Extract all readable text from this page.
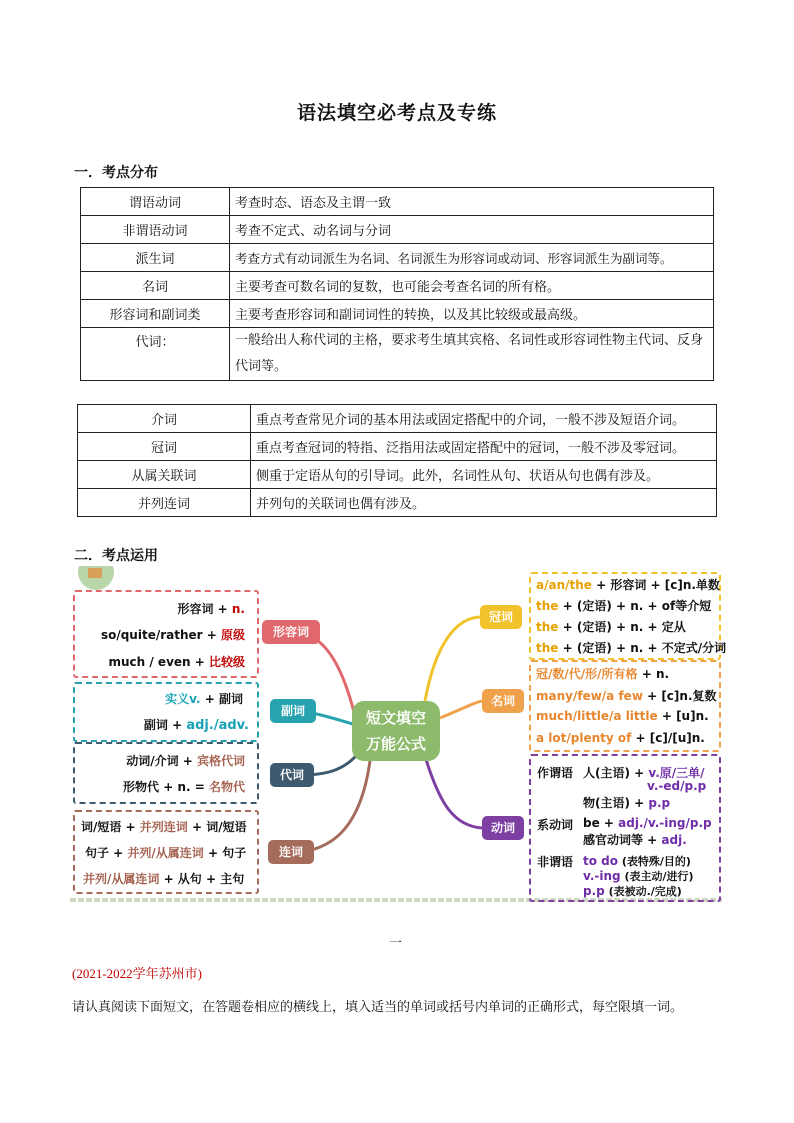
语法填空必考点及专练
一．考点分布
谓语动词	考查时态、语态及主谓一致
非谓语动词	考查不定式、动名词与分词
派生词	考查方式有动词派生为名词、名词派生为形容词或动词、形容词派生为副词等。
名词	主要考查可数名词的复数，也可能会考查名词的所有格。
形容词和副词类	主要考查形容词和副词词性的转换，以及其比较级或最高级。
代词：	一般给出人称代词的主格，要求考生填其宾格、名词性或形容词性物主代词、反身代词等。
介词	重点考查常见介词的基本用法或固定搭配中的介词，一般不涉及短语介词。
冠词	重点考查冠词的特指、泛指用法或固定搭配中的冠词，一般不涉及零冠词。
从属关联词	侧重于定语从句的引导词。此外，名词性从句、状语从句也偶有涉及。
并列连词	并列句的关联词也偶有涉及。
二．考点运用
短文填空
万能公式
形容词
副词
代词
连词
冠词
名词
动词
形容词 + n.
so/quite/rather + 原级
much / even + 比较级
实义v. + 副词
副词 + adj./adv.
动词/介词 + 宾格代词
形物代 + n. = 名物代
词/短语 + 并列连词 + 词/短语
句子 + 并列/从属连词 + 句子
并列/从属连词 + 从句 + 主句
a/an/the + 形容词 + [c]n.单数
the + (定语) + n. + of等介短
the + (定语) + n. + 定从
the + (定语) + n. + 不定式/分词
冠/数/代/形/所有格 + n.
many/few/a few + [c]n.复数
much/little/a little + [u]n.
a lot/plenty of + [c]/[u]n.
作谓语 人(主语) + v.原/三单/
v.-ed/p.p
物(主语) + p.p
系动词 be + adj./v.-ing/p.p
感官动词等 + adj.
非谓语 to do (表特殊/目的)
v.-ing (表主动/进行)
p.p (表被动./完成)
一
(2021-2022学年苏州市)
请认真阅读下面短文，在答题卷相应的横线上，填入适当的单词或括号内单词的正确形式，每空限填一词。
